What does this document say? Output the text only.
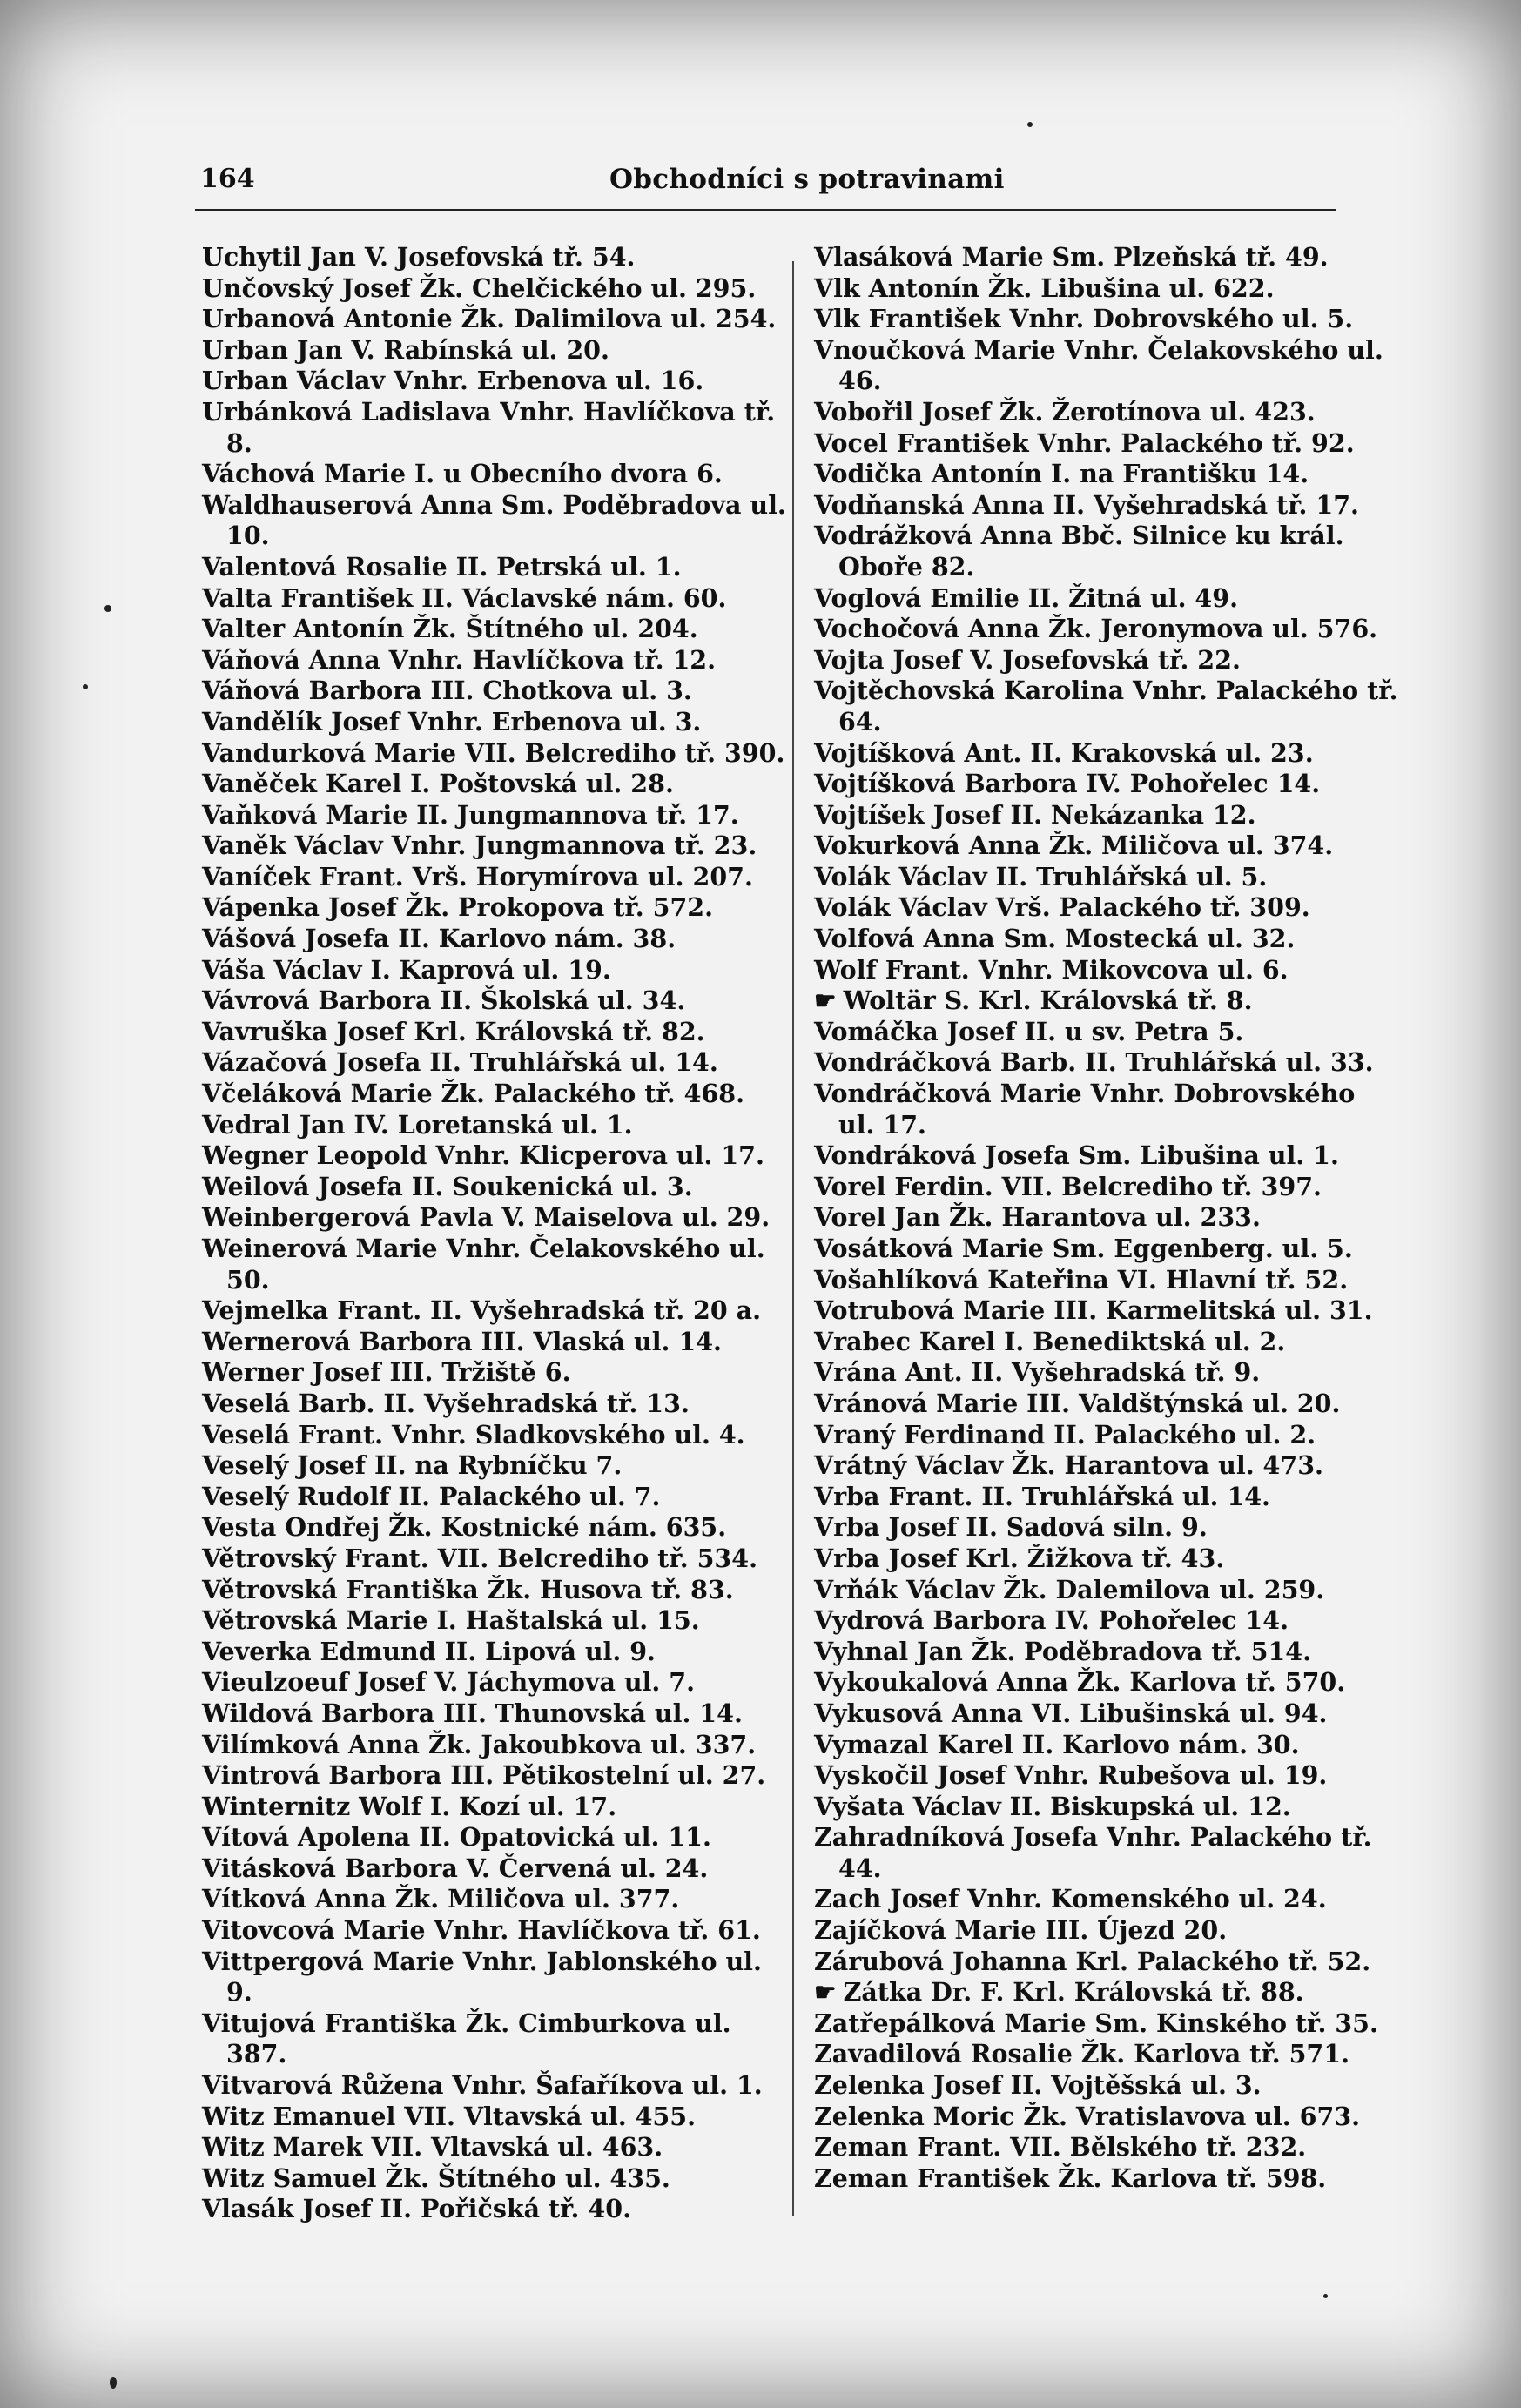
164	Obchodníci s potravinami
Uchytil Jan V. Josefovská tř. 54.
Unčovský Josef Žk. Chelčického ul. 295.
Urbanová Antonie Žk. Dalimilova ul. 254.
Urban Jan V. Rabínská ul. 20.
Urban Václav Vnhr. Erbenova ul. 16.
Urbánková Ladislava Vnhr. Havlíčkova tř. 8.
Váchová Marie I. u Obecního dvora 6.
Waldhauserová Anna Sm. Poděbradova ul. 10.
Valentová Rosalie II. Petrská ul. 1.
Valta František II. Václavské nám. 60.
Valter Antonín Žk. Štítného ul. 204.
Váňová Anna Vnhr. Havlíčkova tř. 12.
Váňová Barbora III. Chotkova ul. 3.
Vandělík Josef Vnhr. Erbenova ul. 3.
Vandurková Marie VII. Belcrediho tř. 390.
Vaněček Karel I. Poštovská ul. 28.
Vaňková Marie II. Jungmannova tř. 17.
Vaněk Václav Vnhr. Jungmannova tř. 23.
Vaníček Frant. Vrš. Horymírova ul. 207.
Vápenka Josef Žk. Prokopova tř. 572.
Vášová Josefa II. Karlovo nám. 38.
Váša Václav I. Kaprová ul. 19.
Vávrová Barbora II. Školská ul. 34.
Vavruška Josef Krl. Královská tř. 82.
Vázačová Josefa II. Truhlářská ul. 14.
Včeláková Marie Žk. Palackého tř. 468.
Vedral Jan IV. Loretanská ul. 1.
Wegner Leopold Vnhr. Klicperova ul. 17.
Weilová Josefa II. Soukenická ul. 3.
Weinbergerová Pavla V. Maiselova ul. 29.
Weinerová Marie Vnhr. Čelakovského ul. 50.
Vejmelka Frant. II. Vyšehradská tř. 20 a.
Wernerová Barbora III. Vlaská ul. 14.
Werner Josef III. Tržiště 6.
Veselá Barb. II. Vyšehradská tř. 13.
Veselá Frant. Vnhr. Sladkovského ul. 4.
Veselý Josef II. na Rybníčku 7.
Veselý Rudolf II. Palackého ul. 7.
Vesta Ondřej Žk. Kostnické nám. 635.
Větrovský Frant. VII. Belcrediho tř. 534.
Větrovská Františka Žk. Husova tř. 83.
Větrovská Marie I. Haštalská ul. 15.
Veverka Edmund II. Lipová ul. 9.
Vieulzoeuf Josef V. Jáchymova ul. 7.
Wildová Barbora III. Thunovská ul. 14.
Vilímková Anna Žk. Jakoubkova ul. 337.
Vintrová Barbora III. Pětikostelní ul. 27.
Winternitz Wolf I. Kozí ul. 17.
Vítová Apolena II. Opatovická ul. 11.
Vitásková Barbora V. Červená ul. 24.
Vítková Anna Žk. Miličova ul. 377.
Vitovcová Marie Vnhr. Havlíčkova tř. 61.
Vittpergová Marie Vnhr. Jablonského ul. 9.
Vitujová Františka Žk. Cimburkova ul. 387.
Vitvarová Růžena Vnhr. Šafaříkova ul. 1.
Witz Emanuel VII. Vltavská ul. 455.
Witz Marek VII. Vltavská ul. 463.
Witz Samuel Žk. Štítného ul. 435.
Vlasák Josef II. Pořičská tř. 40.
Vlasáková Marie Sm. Plzeňská tř. 49.
Vlk Antonín Žk. Libušina ul. 622.
Vlk František Vnhr. Dobrovského ul. 5.
Vnoučková Marie Vnhr. Čelakovského ul. 46.
Vobořil Josef Žk. Žerotínova ul. 423.
Vocel František Vnhr. Palackého tř. 92.
Vodička Antonín I. na Františku 14.
Vodňanská Anna II. Vyšehradská tř. 17.
Vodrážková Anna Bbč. Silnice ku král. Oboře 82.
Voglová Emilie II. Žitná ul. 49.
Vochočová Anna Žk. Jeronymova ul. 576.
Vojta Josef V. Josefovská tř. 22.
Vojtěchovská Karolina Vnhr. Palackého tř. 64.
Vojtíšková Ant. II. Krakovská ul. 23.
Vojtíšková Barbora IV. Pohořelec 14.
Vojtíšek Josef II. Nekázanka 12.
Vokurková Anna Žk. Miličova ul. 374.
Volák Václav II. Truhlářská ul. 5.
Volák Václav Vrš. Palackého tř. 309.
Volfová Anna Sm. Mostecká ul. 32.
Wolf Frant. Vnhr. Mikovcova ul. 6.
☛ Woltär S. Krl. Královská tř. 8.
Vomáčka Josef II. u sv. Petra 5.
Vondráčková Barb. II. Truhlářská ul. 33.
Vondráčková Marie Vnhr. Dobrovského ul. 17.
Vondráková Josefa Sm. Libušina ul. 1.
Vorel Ferdin. VII. Belcrediho tř. 397.
Vorel Jan Žk. Harantova ul. 233.
Vosátková Marie Sm. Eggenberg. ul. 5.
Vošahlíková Kateřina VI. Hlavní tř. 52.
Votrubová Marie III. Karmelitská ul. 31.
Vrabec Karel I. Benediktská ul. 2.
Vrána Ant. II. Vyšehradská tř. 9.
Vránová Marie III. Valdštýnská ul. 20.
Vraný Ferdinand II. Palackého ul. 2.
Vrátný Václav Žk. Harantova ul. 473.
Vrba Frant. II. Truhlářská ul. 14.
Vrba Josef II. Sadová siln. 9.
Vrba Josef Krl. Žižkova tř. 43.
Vrňák Václav Žk. Dalemilova ul. 259.
Vydrová Barbora IV. Pohořelec 14.
Vyhnal Jan Žk. Poděbradova tř. 514.
Vykoukalová Anna Žk. Karlova tř. 570.
Vykusová Anna VI. Libušinská ul. 94.
Vymazal Karel II. Karlovo nám. 30.
Vyskočil Josef Vnhr. Rubešova ul. 19.
Vyšata Václav II. Biskupská ul. 12.
Zahradníková Josefa Vnhr. Palackého tř. 44.
Zach Josef Vnhr. Komenského ul. 24.
Zajíčková Marie III. Újezd 20.
Zárubová Johanna Krl. Palackého tř. 52.
☛ Zátka Dr. F. Krl. Královská tř. 88.
Zatřepálková Marie Sm. Kinského tř. 35.
Zavadilová Rosalie Žk. Karlova tř. 571.
Zelenka Josef II. Vojtěšská ul. 3.
Zelenka Moric Žk. Vratislavova ul. 673.
Zeman Frant. VII. Bělského tř. 232.
Zeman František Žk. Karlova tř. 598.
